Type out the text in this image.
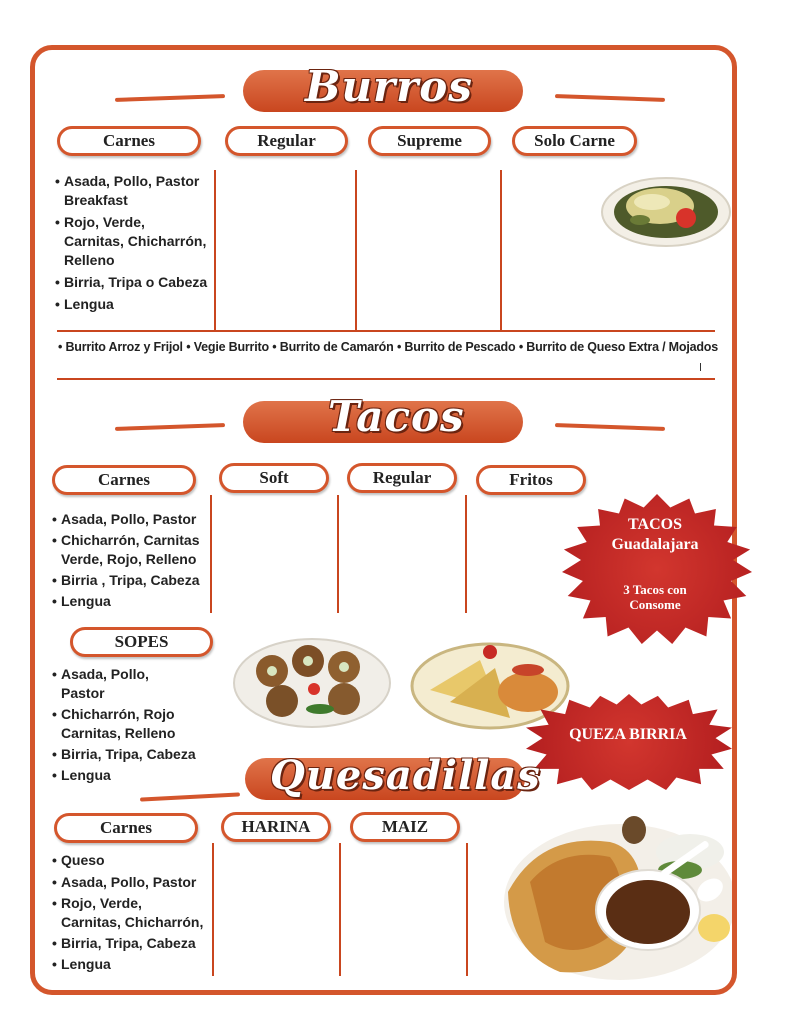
Burros
Carnes	Regular	Supreme	Solo Carne
• Asada, Pollo, Pastor
Breakfast
• Rojo, Verde,
Carnitas, Chicharrón,
Relleno
• Birria, Tripa o Cabeza
• Lengua
• Burrito Arroz y Frijol • Vegie Burrito • Burrito de Camarón • Burrito de Pescado • Burrito de Queso Extra / Mojados
Tacos
Carnes	Soft	Regular	Fritos
• Asada, Pollo, Pastor
• Chicharrón, Carnitas
Verde, Rojo, Relleno
• Birria , Tripa, Cabeza
• Lengua
TACOS
Guadalajara
3 Tacos con
Consome
SOPES
• Asada, Pollo,
Pastor
• Chicharrón, Rojo
Carnitas, Relleno
• Birria, Tripa, Cabeza
• Lengua
QUEZA BIRRIA
Quesadillas
Carnes	HARINA	MAIZ
• Queso
• Asada, Pollo, Pastor
• Rojo, Verde,
Carnitas, Chicharrón,
• Birria, Tripa, Cabeza
• Lengua
